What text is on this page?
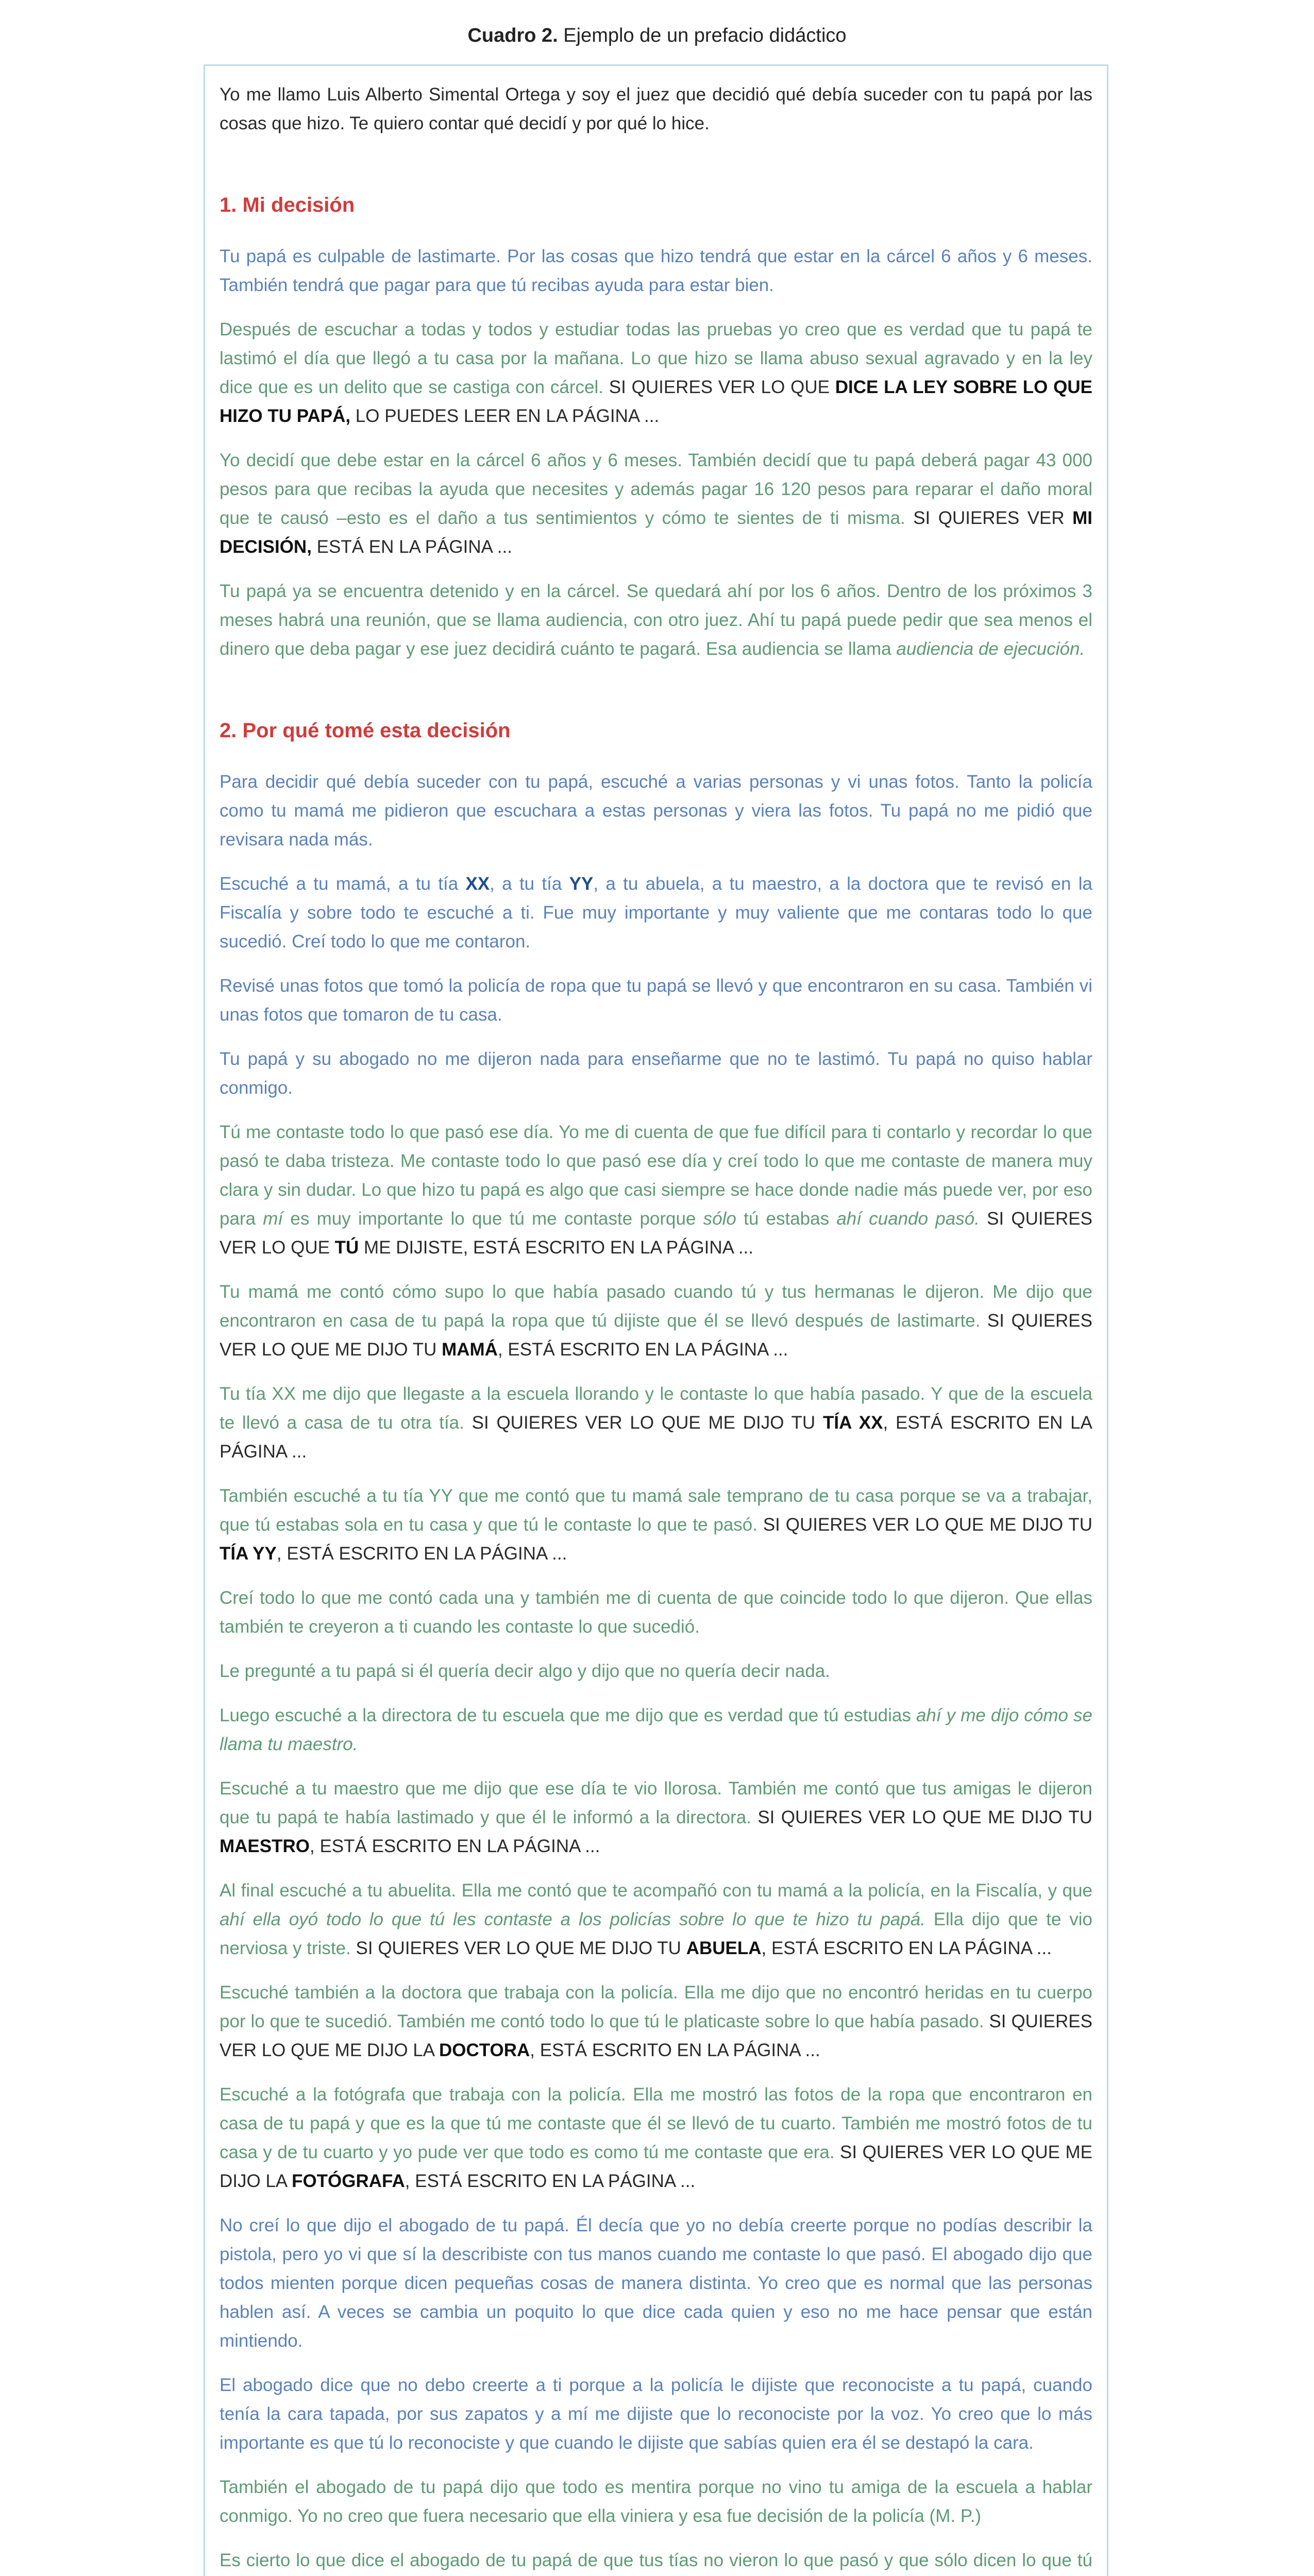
Cuadro 2. Ejemplo de un prefacio didáctico

Yo me llamo Luis Alberto Simental Ortega y soy el juez que decidió qué debía suceder con tu papá por las cosas que hizo. Te quiero contar qué decidí y por qué lo hice.

1. Mi decisión

Tu papá es culpable de lastimarte. Por las cosas que hizo tendrá que estar en la cárcel 6 años y 6 meses. También tendrá que pagar para que tú recibas ayuda para estar bien.

Después de escuchar a todas y todos y estudiar todas las pruebas yo creo que es verdad que tu papá te lastimó el día que llegó a tu casa por la mañana. Lo que hizo se llama abuso sexual agravado y en la ley dice que es un delito que se castiga con cárcel. SI QUIERES VER LO QUE DICE LA LEY SOBRE LO QUE HIZO TU PAPÁ, LO PUEDES LEER EN LA PÁGINA ...

Yo decidí que debe estar en la cárcel 6 años y 6 meses. También decidí que tu papá deberá pagar 43 000 pesos para que recibas la ayuda que necesites y además pagar 16 120 pesos para reparar el daño moral que te causó –esto es el daño a tus sentimientos y cómo te sientes de ti misma. SI QUIERES VER MI DECISIÓN, ESTÁ EN LA PÁGINA ...

Tu papá ya se encuentra detenido y en la cárcel. Se quedará ahí por los 6 años. Dentro de los próximos 3 meses habrá una reunión, que se llama audiencia, con otro juez. Ahí tu papá puede pedir que sea menos el dinero que deba pagar y ese juez decidirá cuánto te pagará. Esa audiencia se llama audiencia de ejecución.

2. Por qué tomé esta decisión

Para decidir qué debía suceder con tu papá, escuché a varias personas y vi unas fotos. Tanto la policía como tu mamá me pidieron que escuchara a estas personas y viera las fotos. Tu papá no me pidió que revisara nada más.

Escuché a tu mamá, a tu tía XX, a tu tía YY, a tu abuela, a tu maestro, a la doctora que te revisó en la Fiscalía y sobre todo te escuché a ti. Fue muy importante y muy valiente que me contaras todo lo que sucedió. Creí todo lo que me contaron.

Revisé unas fotos que tomó la policía de ropa que tu papá se llevó y que encontraron en su casa. También vi unas fotos que tomaron de tu casa.

Tu papá y su abogado no me dijeron nada para enseñarme que no te lastimó. Tu papá no quiso hablar conmigo.

Tú me contaste todo lo que pasó ese día. Yo me di cuenta de que fue difícil para ti contarlo y recordar lo que pasó te daba tristeza. Me contaste todo lo que pasó ese día y creí todo lo que me contaste de manera muy clara y sin dudar. Lo que hizo tu papá es algo que casi siempre se hace donde nadie más puede ver, por eso para mí es muy importante lo que tú me contaste porque sólo tú estabas ahí cuando pasó. SI QUIERES VER LO QUE TÚ ME DIJISTE, ESTÁ ESCRITO EN LA PÁGINA ...

Tu mamá me contó cómo supo lo que había pasado cuando tú y tus hermanas le dijeron. Me dijo que encontraron en casa de tu papá la ropa que tú dijiste que él se llevó después de lastimarte. SI QUIERES VER LO QUE ME DIJO TU MAMÁ, ESTÁ ESCRITO EN LA PÁGINA ...

Tu tía XX me dijo que llegaste a la escuela llorando y le contaste lo que había pasado. Y que de la escuela te llevó a casa de tu otra tía. SI QUIERES VER LO QUE ME DIJO TU TÍA XX, ESTÁ ESCRITO EN LA PÁGINA ...

También escuché a tu tía YY que me contó que tu mamá sale temprano de tu casa porque se va a trabajar, que tú estabas sola en tu casa y que tú le contaste lo que te pasó. SI QUIERES VER LO QUE ME DIJO TU TÍA YY, ESTÁ ESCRITO EN LA PÁGINA ...

Creí todo lo que me contó cada una y también me di cuenta de que coincide todo lo que dijeron. Que ellas también te creyeron a ti cuando les contaste lo que sucedió.

Le pregunté a tu papá si él quería decir algo y dijo que no quería decir nada.

Luego escuché a la directora de tu escuela que me dijo que es verdad que tú estudias ahí y me dijo cómo se llama tu maestro.

Escuché a tu maestro que me dijo que ese día te vio llorosa. También me contó que tus amigas le dijeron que tu papá te había lastimado y que él le informó a la directora. SI QUIERES VER LO QUE ME DIJO TU MAESTRO, ESTÁ ESCRITO EN LA PÁGINA ...

Al final escuché a tu abuelita. Ella me contó que te acompañó con tu mamá a la policía, en la Fiscalía, y que ahí ella oyó todo lo que tú les contaste a los policías sobre lo que te hizo tu papá. Ella dijo que te vio nerviosa y triste. SI QUIERES VER LO QUE ME DIJO TU ABUELA, ESTÁ ESCRITO EN LA PÁGINA ...

Escuché también a la doctora que trabaja con la policía. Ella me dijo que no encontró heridas en tu cuerpo por lo que te sucedió. También me contó todo lo que tú le platicaste sobre lo que había pasado. SI QUIERES VER LO QUE ME DIJO LA DOCTORA, ESTÁ ESCRITO EN LA PÁGINA ...

Escuché a la fotógrafa que trabaja con la policía. Ella me mostró las fotos de la ropa que encontraron en casa de tu papá y que es la que tú me contaste que él se llevó de tu cuarto. También me mostró fotos de tu casa y de tu cuarto y yo pude ver que todo es como tú me contaste que era. SI QUIERES VER LO QUE ME DIJO LA FOTÓGRAFA, ESTÁ ESCRITO EN LA PÁGINA ...

No creí lo que dijo el abogado de tu papá. Él decía que yo no debía creerte porque no podías describir la pistola, pero yo vi que sí la describiste con tus manos cuando me contaste lo que pasó. El abogado dijo que todos mienten porque dicen pequeñas cosas de manera distinta. Yo creo que es normal que las personas hablen así. A veces se cambia un poquito lo que dice cada quien y eso no me hace pensar que están mintiendo.

El abogado dice que no debo creerte a ti porque a la policía le dijiste que reconociste a tu papá, cuando tenía la cara tapada, por sus zapatos y a mí me dijiste que lo reconociste por la voz. Yo creo que lo más importante es que tú lo reconociste y que cuando le dijiste que sabías quien era él se destapó la cara.

También el abogado de tu papá dijo que todo es mentira porque no vino tu amiga de la escuela a hablar conmigo. Yo no creo que fuera necesario que ella viniera y esa fue decisión de la policía (M. P.)

Es cierto lo que dice el abogado de tu papá de que tus tías no vieron lo que pasó y que sólo dicen lo que tú
